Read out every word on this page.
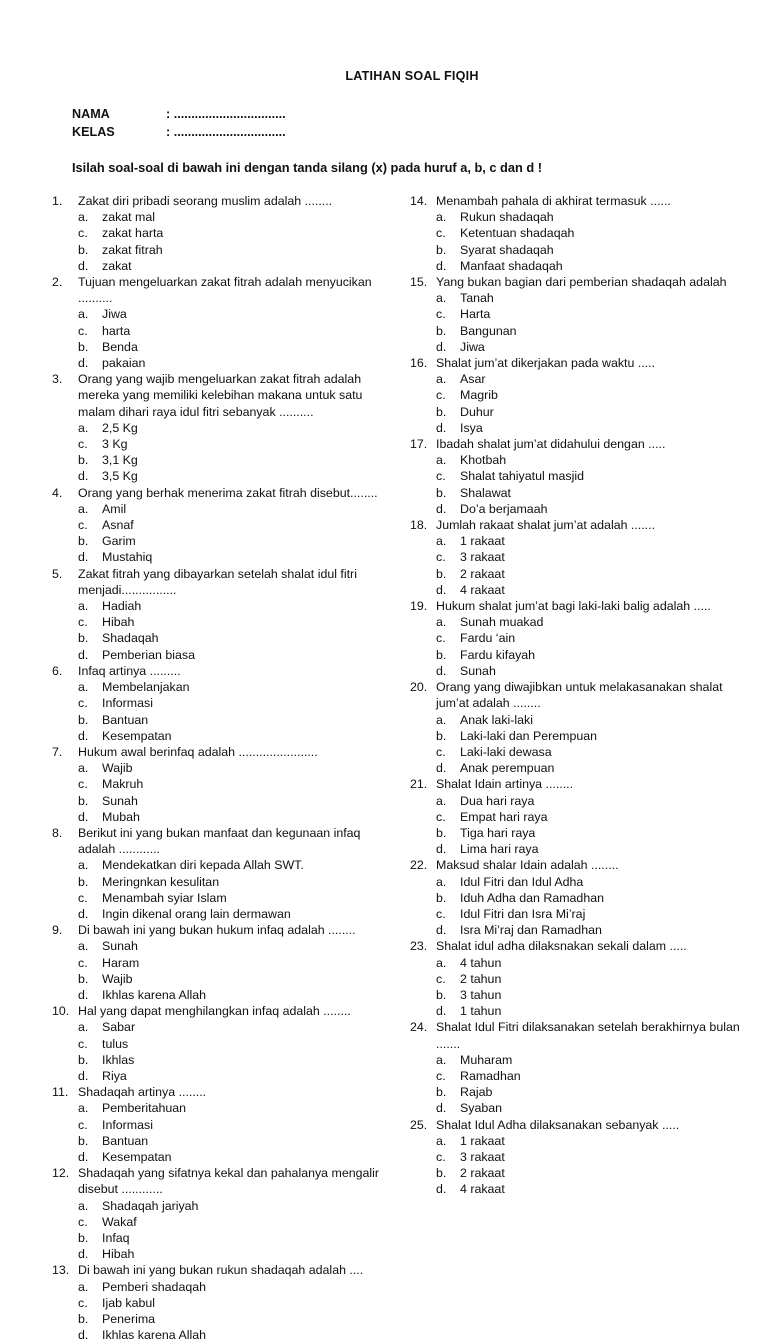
LATIHAN SOAL FIQIH
NAMA	: ................................
KELAS	: ................................
Isilah soal-soal di bawah ini dengan tanda silang (x) pada huruf a, b, c dan d !
1.	Zakat diri pribadi seorang muslim adalah ........
a.	zakat mal
c.	zakat harta
b.	zakat fitrah
d.	zakat
2.	Tujuan mengeluarkan zakat fitrah adalah menyucikan ..........
a.	Jiwa
c.	harta
b.	Benda
d.	pakaian
3.	Orang yang wajib mengeluarkan zakat fitrah adalah mereka yang memiliki kelebihan makana untuk satu malam dihari raya idul fitri sebanyak ..........
a.	2,5 Kg
c.	3 Kg
b.	3,1 Kg
d.	3,5 Kg
4.	Orang yang berhak menerima zakat fitrah disebut........
a.	Amil
c.	Asnaf
b.	Garim
d.	Mustahiq
5.	Zakat fitrah yang dibayarkan setelah shalat idul fitri menjadi................
a.	Hadiah
c.	Hibah
b.	Shadaqah
d.	Pemberian biasa
6.	Infaq artinya .........
a.	Membelanjakan
c.	Informasi
b.	Bantuan
d.	Kesempatan
7.	Hukum awal berinfaq adalah .......................
a.	Wajib
c.	Makruh
b.	Sunah
d.	Mubah
8.	Berikut ini yang bukan manfaat dan kegunaan infaq adalah ............
a.	Mendekatkan diri kepada Allah SWT.
b.	Meringnkan kesulitan
c.	Menambah syiar Islam
d.	Ingin dikenal orang lain dermawan
9.	Di bawah ini yang bukan hukum infaq adalah ........
a.	Sunah
c.	Haram
b.	Wajib
d.	Ikhlas karena Allah
10. Hal yang dapat menghilangkan infaq adalah ........
a.	Sabar
c.	tulus
b.	Ikhlas
d.	Riya
11. Shadaqah artinya ........
a.	Pemberitahuan
c.	Informasi
b.	Bantuan
d.	Kesempatan
12. Shadaqah yang sifatnya kekal dan pahalanya mengalir disebut ............
a.	Shadaqah jariyah
c.	Wakaf
b.	Infaq
d.	Hibah
13. Di bawah ini yang bukan rukun shadaqah adalah ....
a.	Pemberi shadaqah
c.	Ijab kabul
b.	Penerima
d.	Ikhlas karena Allah
14. Menambah pahala di akhirat termasuk ......
a.	Rukun shadaqah
c.	Ketentuan shadaqah
b.	Syarat shadaqah
d.	Manfaat shadaqah
15. Yang bukan bagian dari pemberian shadaqah adalah
a.	Tanah
c.	Harta
b.	Bangunan
d.	Jiwa
16. Shalat jum’at dikerjakan pada waktu .....
a.	Asar
c.	Magrib
b.	Duhur
d.	Isya
17. Ibadah shalat jum’at didahului dengan .....
a.	Khotbah
c.	Shalat tahiyatul masjid
b.	Shalawat
d.	Do’a berjamaah
18. Jumlah rakaat shalat jum’at adalah .......
a.	1 rakaat
c.	3 rakaat
b.	2 rakaat
d.	4 rakaat
19. Hukum shalat jum’at bagi laki-laki balig adalah .....
a.	Sunah muakad
c.	Fardu ‘ain
b.	Fardu kifayah
d.	Sunah
20. Orang yang diwajibkan untuk melakasanakan shalat jum’at adalah ........
a.	Anak laki-laki
b.	Laki-laki dan Perempuan
c.	Laki-laki dewasa
d.	Anak perempuan
21. Shalat Idain artinya ........
a.	Dua hari raya
c.	Empat hari raya
b.	Tiga hari raya
d.	Lima hari raya
22. Maksud shalar Idain adalah ........
a.	Idul Fitri dan Idul Adha
b.	Iduh Adha dan Ramadhan
c.	Idul Fitri dan Isra Mi’raj
d.	Isra Mi’raj dan Ramadhan
23. Shalat idul adha dilaksnakan sekali dalam .....
a.	4 tahun
c.	2 tahun
b.	3 tahun
d.	1 tahun
24. Shalat Idul Fitri dilaksanakan setelah berakhirnya bulan .......
a.	Muharam
c.	Ramadhan
b.	Rajab
d.	Syaban
25. Shalat Idul Adha dilaksanakan sebanyak .....
a.	1 rakaat
c.	3 rakaat
b.	2 rakaat
d.	4 rakaat
